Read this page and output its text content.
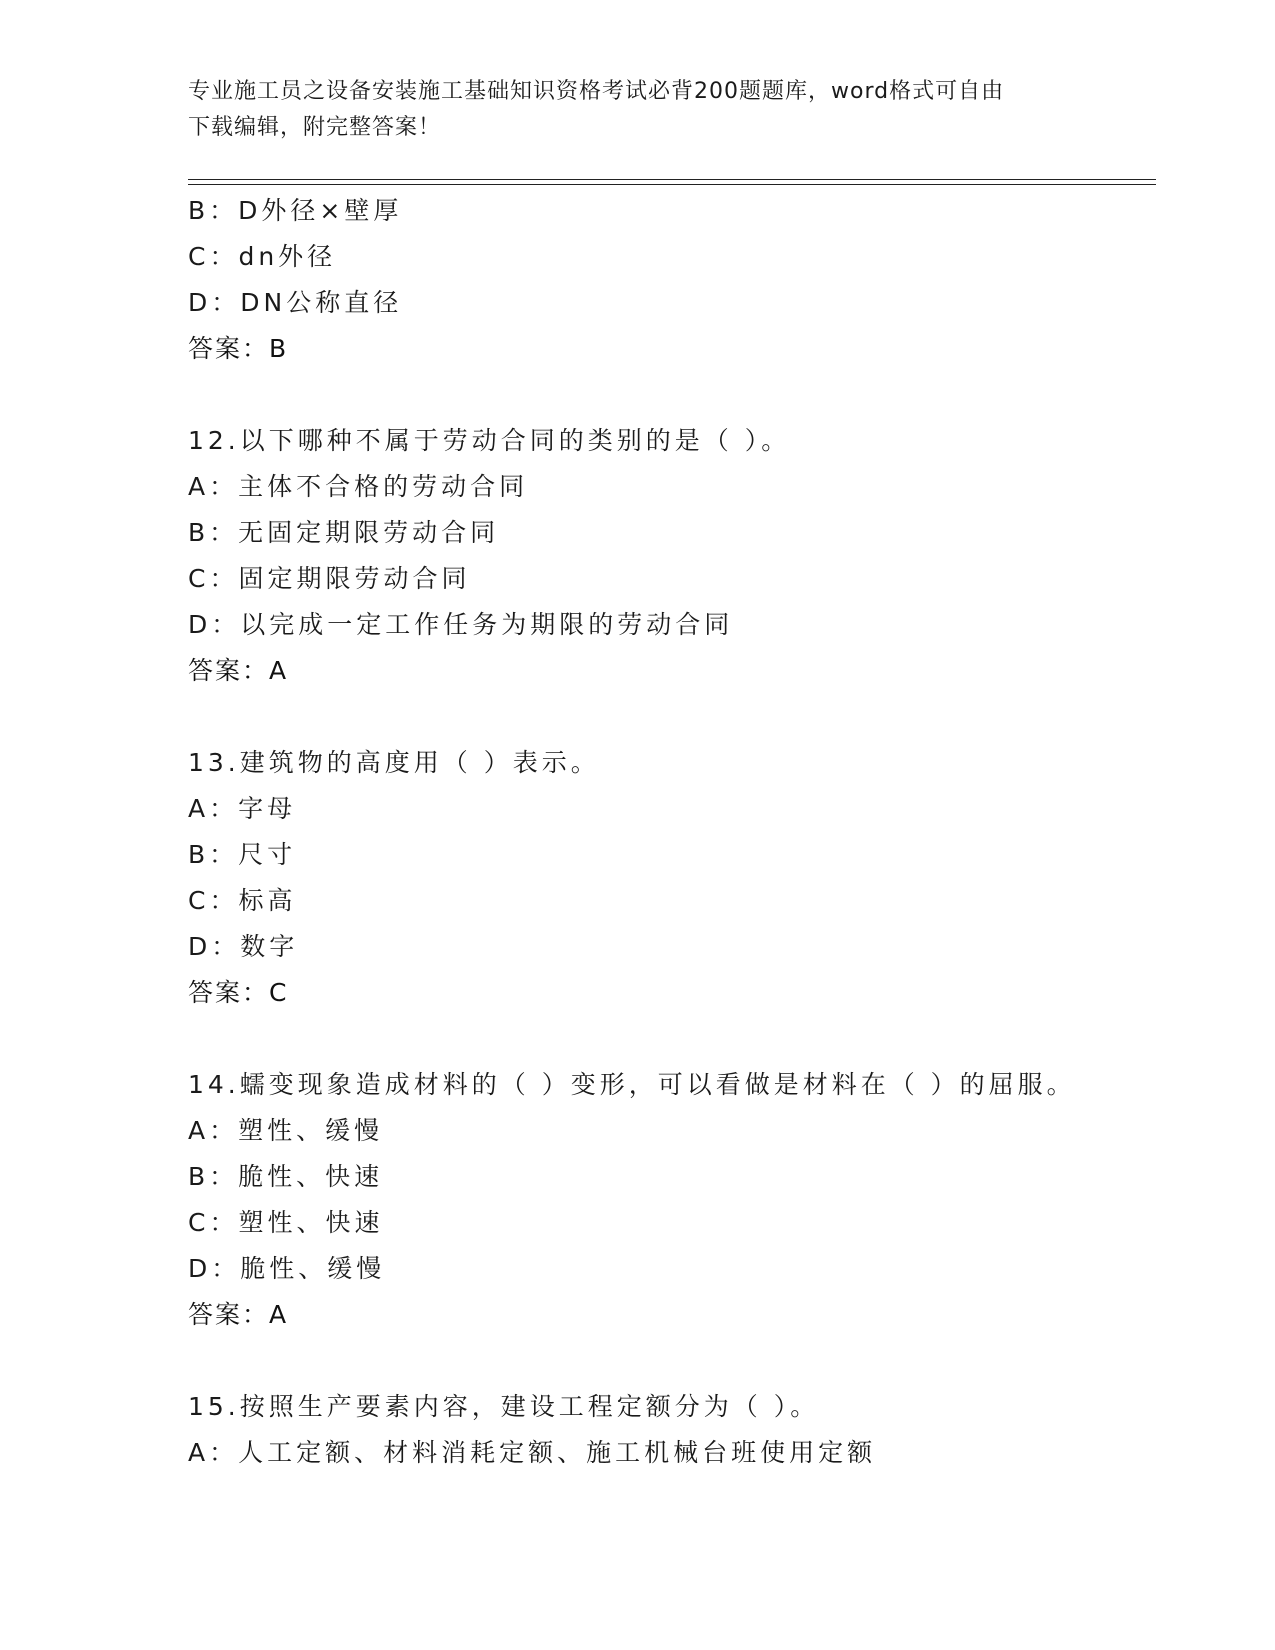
专业施工员之设备安装施工基础知识资格考试必背200题题库，word格式可自由
下载编辑，附完整答案！
B：D外径×壁厚
C：dn外径
D：DN公称直径
答案：B
12.以下哪种不属于劳动合同的类别的是（ ）。
A：主体不合格的劳动合同
B：无固定期限劳动合同
C：固定期限劳动合同
D：以完成一定工作任务为期限的劳动合同
答案：A
13.建筑物的高度用（ ）表示。
A：字母
B：尺寸
C：标高
D：数字
答案：C
14.蠕变现象造成材料的（ ）变形，可以看做是材料在（ ）的屈服。
A：塑性、缓慢
B：脆性、快速
C：塑性、快速
D：脆性、缓慢
答案：A
15.按照生产要素内容，建设工程定额分为（ ）。
A：人工定额、材料消耗定额、施工机械台班使用定额
